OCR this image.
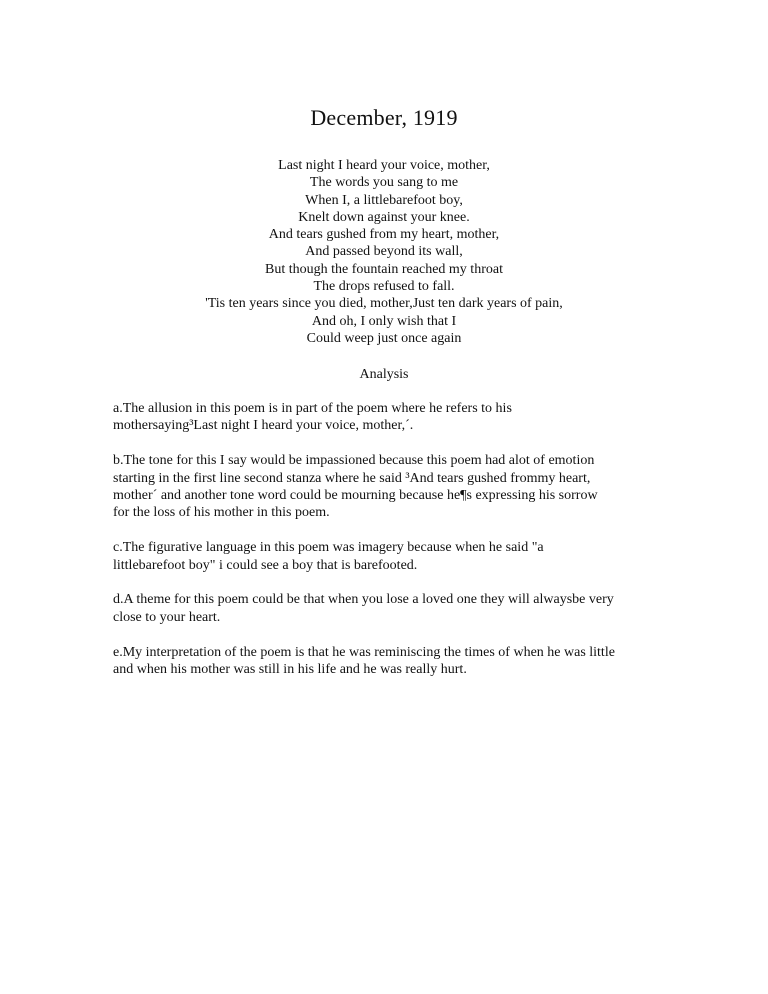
December, 1919
Last night I heard your voice, mother,
The words you sang to me
When I, a littlebarefoot boy,
Knelt down against your knee.
And tears gushed from my heart, mother,
And passed beyond its wall,
But though the fountain reached my throat
The drops refused to fall.
'Tis ten years since you died, mother,Just ten dark years of pain,
And oh, I only wish that I
Could weep just once again
Analysis

a.The allusion in this poem is in part of the poem where he refers to his
mothersaying³Last night I heard your voice, mother,´.

b.The tone for this I say would be impassioned because this poem had alot of emotion
starting in the first line second stanza where he said ³And tears gushed frommy heart,
mother´ and another tone word could be mourning because he¶s expressing his sorrow
for the loss of his mother in this poem.

c.The figurative language in this poem was imagery because when he said "a
littlebarefoot boy" i could see a boy that is barefooted.

d.A theme for this poem could be that when you lose a loved one they will alwaysbe very
close to your heart.

e.My interpretation of the poem is that he was reminiscing the times of when he was little
and when his mother was still in his life and he was really hurt.
